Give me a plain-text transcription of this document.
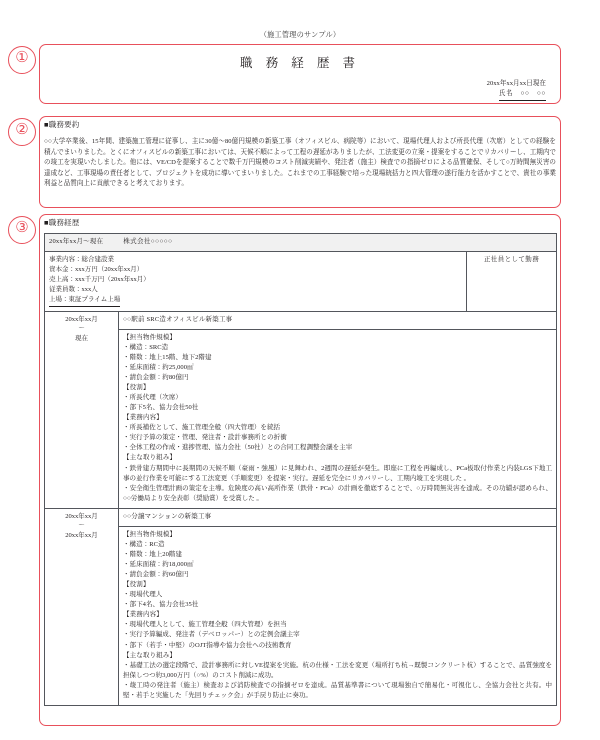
①
②
③
（施工管理のサンプル）
職 務 経 歴 書
20xx年xx月xx日現在
氏名　○○　○○
■職務要約
○○大学卒業後、15年間、建築施工管理に従事し、主に30億～80億円規模の新築工事（オフィスビル、病院等）において、現場代理人および所長代理（次席）としての経験を積んでまいりました。とくにオフィスビルの新築工事においては、天候不順によって工程の遅延がありましたが、工法変更の立案・提案をすることでリカバリーし、工期内での竣工を実現いたしました。他には、VE/CDを提案することで数千万円規模のコスト削減実績や、発注者（施主）検査での指摘ゼロによる品質確保、そして○万時間無災害の達成など、工事現場の責任者として、プロジェクトを成功に導いてまいりました。これまでの工事経験で培った現場統括力と四大管理の遂行能力を活かすことで、貴社の事業利益と品質向上に貢献できると考えております。
■職務経歴
20xx年xx月～現在 株式会社○○○○○		

事業内容：総合建設業
資本金：xxx万円（20xx年xx月）
売上高：xxx千万円（20xx年xx月）
従業員数：xxx人
上場：東証プライム上場		正社員として勤務

20xx年xx月
～
現在	○○駅前 SRC造オフィスビル新築工事	

【担当物件規模】
・構造：SRC造
・階数：地上15階、地下2階建
・延床面積：約25,000㎡
・請負金額：約80億円
【役割】
・所長代理（次席）
・部下5名、協力会社50社
【業務内容】
・所長補佐として、施工管理全般（四大管理）を統括
・実行予算の策定・管理、発注者・設計事務所との折衝
・全体工程の作成・進捗管理、協力会社（50社）との合同工程調整会議を主宰
【主な取り組み】
・鉄骨建方期間中に長期間の天候不順（豪雨・強風）に見舞われ、2週間の遅延が発生。即座に工程を再編成し、PCa板取付作業と内装LGS下地工事の並行作業を可能にする工法変更（手順変更）を提案・実行。遅延を完全にリカバリーし、工期内竣工を実現した 。
・安全衛生管理計画の策定を主導。危険度の高い高所作業（鉄骨・PCa）の計画を徹底することで、○万時間無災害を達成。その功績が認められ、○○労働局より安全表彰（奨励賞）を受賞した 。

20xx年xx月
～
20xx年xx月	○○分譲マンションの新築工事	

【担当物件規模】
・構造：RC造
・階数：地上20階建
・延床面積：約18,000㎡
・請負金額：約60億円
【役割】
・現場代理人
・部下4名、協力会社35社
【業務内容】
・現場代理人として、施工管理全般（四大管理）を担当
・実行予算編成、発注者（デベロッパー）との定例会議主宰
・部下（若手・中堅）のOJT指導や協力会社への技術教育
【主な取り組み】
・基礎工法の選定段階で、設計事務所に対しVE提案を実施。杭の仕様・工法を変更（場所打ち杭→既製コンクリート杭）することで、品質強度を担保しつつ約3,000万円（○%）のコスト削減に成功。
・竣工時の発注者（施主）検査および消防検査での指摘ゼロを達成。品質基準書について現場独自で簡易化・可視化し、全協力会社と共有。中堅・若手と実施した「先回りチェック会」が手戻り防止に奏功。
